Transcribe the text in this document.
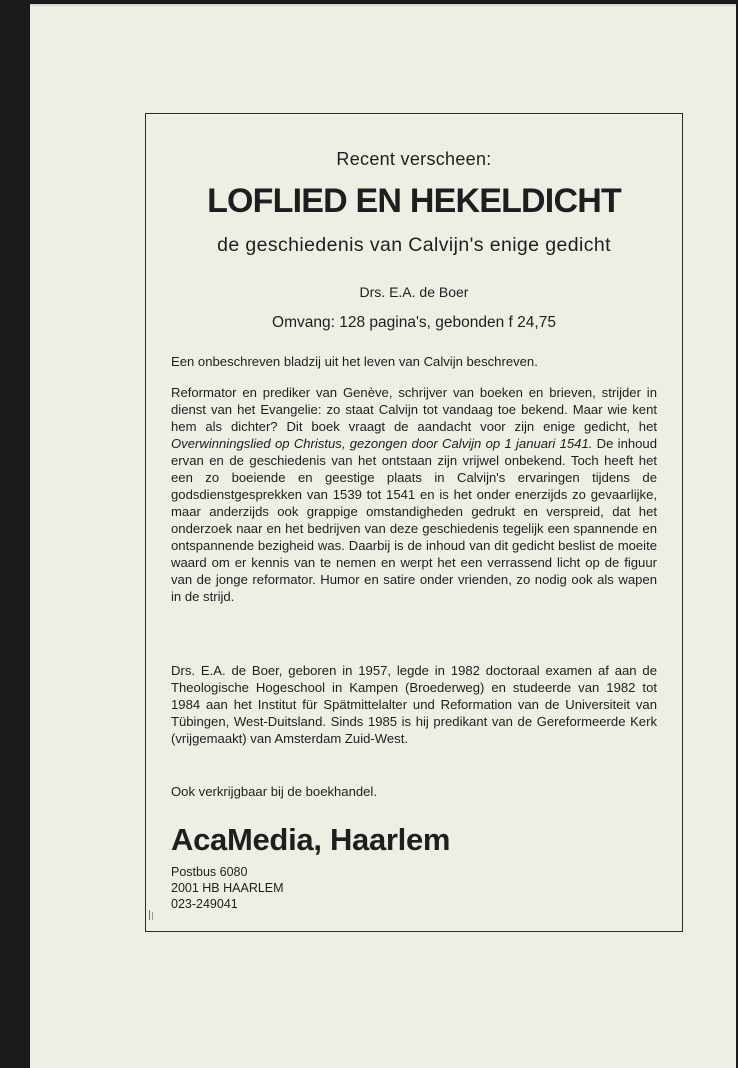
Recent verscheen:
LOFLIED EN HEKELDICHT
de geschiedenis van Calvijn's enige gedicht
Drs. E.A. de Boer
Omvang: 128 pagina's, gebonden f 24,75
Een onbeschreven bladzij uit het leven van Calvijn beschreven.
Reformator en prediker van Genève, schrijver van boeken en brieven, strijder in dienst van het Evangelie: zo staat Calvijn tot vandaag toe bekend. Maar wie kent hem als dichter? Dit boek vraagt de aandacht voor zijn enige gedicht, het Overwinningslied op Christus, gezongen door Calvijn op 1 januari 1541. De inhoud ervan en de geschiedenis van het ontstaan zijn vrijwel onbekend. Toch heeft het een zo boeiende en geestige plaats in Calvijn's ervaringen tijdens de godsdienstgesprekken van 1539 tot 1541 en is het onder enerzijds zo gevaarlijke, maar anderzijds ook grappige omstandigheden gedrukt en verspreid, dat het onderzoek naar en het bedrijven van deze geschiedenis tegelijk een spannende en ontspannende bezigheid was. Daarbij is de inhoud van dit gedicht beslist de moeite waard om er kennis van te nemen en werpt het een verrassend licht op de figuur van de jonge reformator. Humor en satire onder vrienden, zo nodig ook als wapen in de strijd.
Drs. E.A. de Boer, geboren in 1957, legde in 1982 doctoraal examen af aan de Theologische Hogeschool in Kampen (Broederweg) en studeerde van 1982 tot 1984 aan het Institut für Spätmittelalter und Reformation van de Universiteit van Tübingen, West-Duitsland. Sinds 1985 is hij predikant van de Gereformeerde Kerk (vrijgemaakt) van Amsterdam Zuid-West.
Ook verkrijgbaar bij de boekhandel.
AcaMedia, Haarlem
Postbus 6080
2001 HB HAARLEM
023-249041
